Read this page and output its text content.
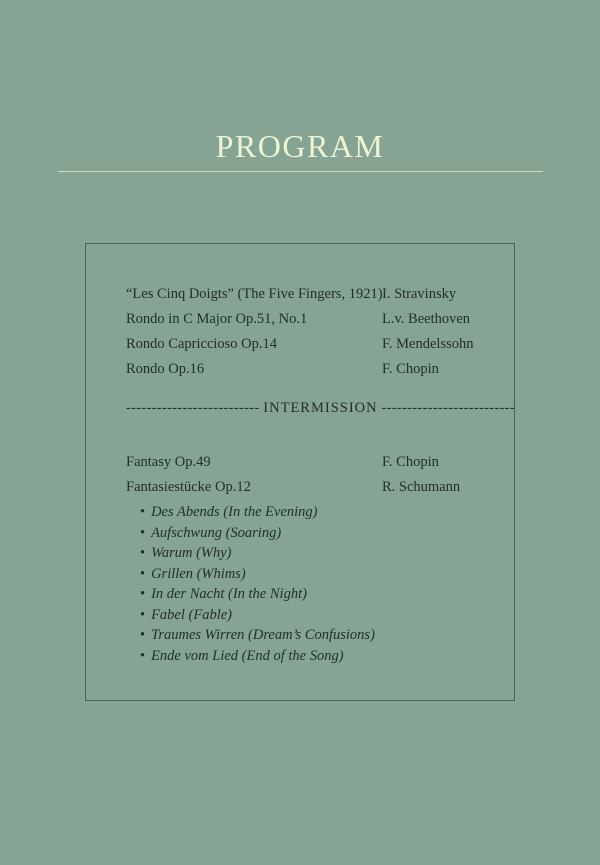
PROGRAM
“Les Cinq Doigts” (The Five Fingers, 1921) I. Stravinsky
Rondo in C Major Op.51, No.1	L.v. Beethoven
Rondo Capriccioso Op.14	F. Mendelssohn
Rondo Op.16	F. Chopin
-------------------------- INTERMISSION --------------------------
Fantasy Op.49	F. Chopin
Fantasiestücke Op.12	R. Schumann
• Des Abends (In the Evening)
• Aufschwung (Soaring)
• Warum (Why)
• Grillen (Whims)
• In der Nacht (In the Night)
• Fabel (Fable)
• Traumes Wirren (Dream’s Confusions)
• Ende vom Lied (End of the Song)
